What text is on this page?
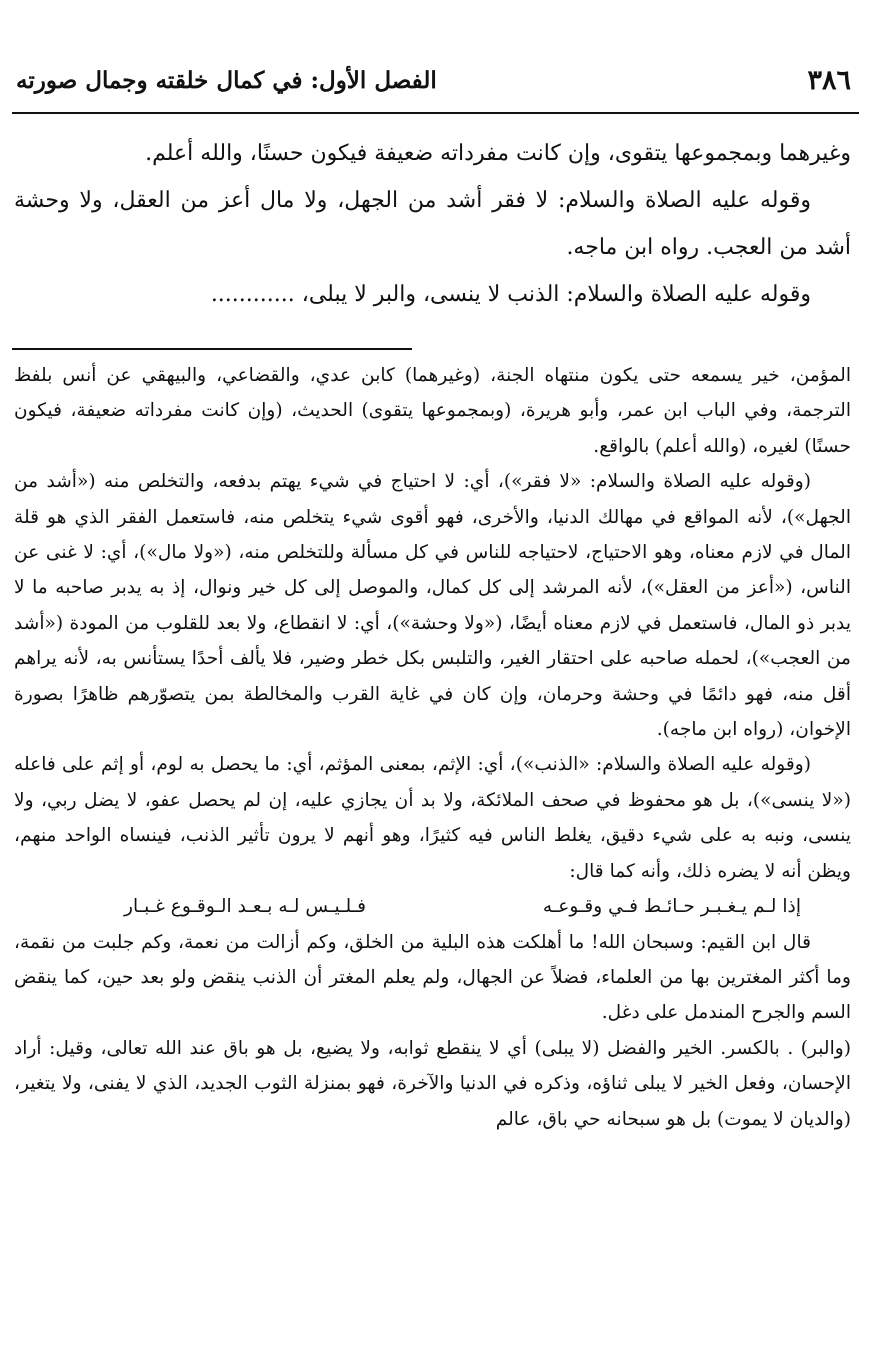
٣٨٦
الفصل الأول: في كمال خلقته وجمال صورته

وغيرهما وبمجموعها يتقوى، وإن كانت مفرداته ضعيفة فيكون حسنًا، والله أعلم.

وقوله عليه الصلاة والسلام: لا فقر أشد من الجهل، ولا مال أعز من العقل، ولا وحشة أشد من العجب. رواه ابن ماجه.

وقوله عليه الصلاة والسلام: الذنب لا ينسى، والبر لا يبلى، ............

المؤمن، خير يسمعه حتى يكون منتهاه الجنة، (وغيرهما) كابن عدي، والقضاعي، والبيهقي عن أنس بلفظ الترجمة، وفي الباب ابن عمر، وأبو هريرة، (وبمجموعها يتقوى) الحديث، (وإن كانت مفرداته ضعيفة، فيكون حسنًا) لغيره، (والله أعلم) بالواقع.

(وقوله عليه الصلاة والسلام: «لا فقر»)، أي: لا احتياج في شيء يهتم بدفعه، والتخلص منه («أشد من الجهل»)، لأنه المواقع في مهالك الدنيا، والأخرى، فهو أقوى شيء يتخلص منه، فاستعمل الفقر الذي هو قلة المال في لازم معناه، وهو الاحتياج، لاحتياجه للناس في كل مسألة وللتخلص منه، («ولا مال»)، أي: لا غنى عن الناس، («أعز من العقل»)، لأنه المرشد إلى كل كمال، والموصل إلى كل خير ونوال، إذ به يدبر صاحبه ما لا يدبر ذو المال، فاستعمل في لازم معناه أيضًا، («ولا وحشة»)، أي: لا انقطاع، ولا بعد للقلوب من المودة («أشد من العجب»)، لحمله صاحبه على احتقار الغير، والتلبس بكل خطر وضير، فلا يألف أحدًا يستأنس به، لأنه يراهم أقل منه، فهو دائمًا في وحشة وحرمان، وإن كان في غاية القرب والمخالطة بمن يتصوّرهم ظاهرًا بصورة الإخوان، (رواه ابن ماجه).

(وقوله عليه الصلاة والسلام: «الذنب»)، أي: الإثم، بمعنى المؤثم، أي: ما يحصل به لوم، أو إثم على فاعله («لا ينسى»)، بل هو محفوظ في صحف الملائكة، ولا بد أن يجازي عليه، إن لم يحصل عفو، لا يضل ربي، ولا ينسى، ونبه به على شيء دقيق، يغلط الناس فيه كثيرًا، وهو أنهم لا يرون تأثير الذنب، فينساه الواحد منهم، ويظن أنه لا يضره ذلك، وأنه كما قال:

إذا لـم يـغـبـر حـائـط فـي وقـوعـه
فـلـيـس لـه بـعـد الـوقـوع غـبـار

قال ابن القيم: وسبحان الله! ما أهلكت هذه البلية من الخلق، وكم أزالت من نعمة، وكم جلبت من نقمة، وما أكثر المغترين بها من العلماء، فضلاً عن الجهال، ولم يعلم المغتر أن الذنب ينقض ولو بعد حين، كما ينقض السم والجرح المندمل على دغل.

(والبر) . بالكسر. الخير والفضل (لا يبلى) أي لا ينقطع ثوابه، ولا يضيع، بل هو باق عند الله تعالى، وقيل: أراد الإحسان، وفعل الخير لا يبلى ثناؤه، وذكره في الدنيا والآخرة، فهو بمنزلة الثوب الجديد، الذي لا يفنى، ولا يتغير، (والديان لا يموت) بل هو سبحانه حي باق، عالم
